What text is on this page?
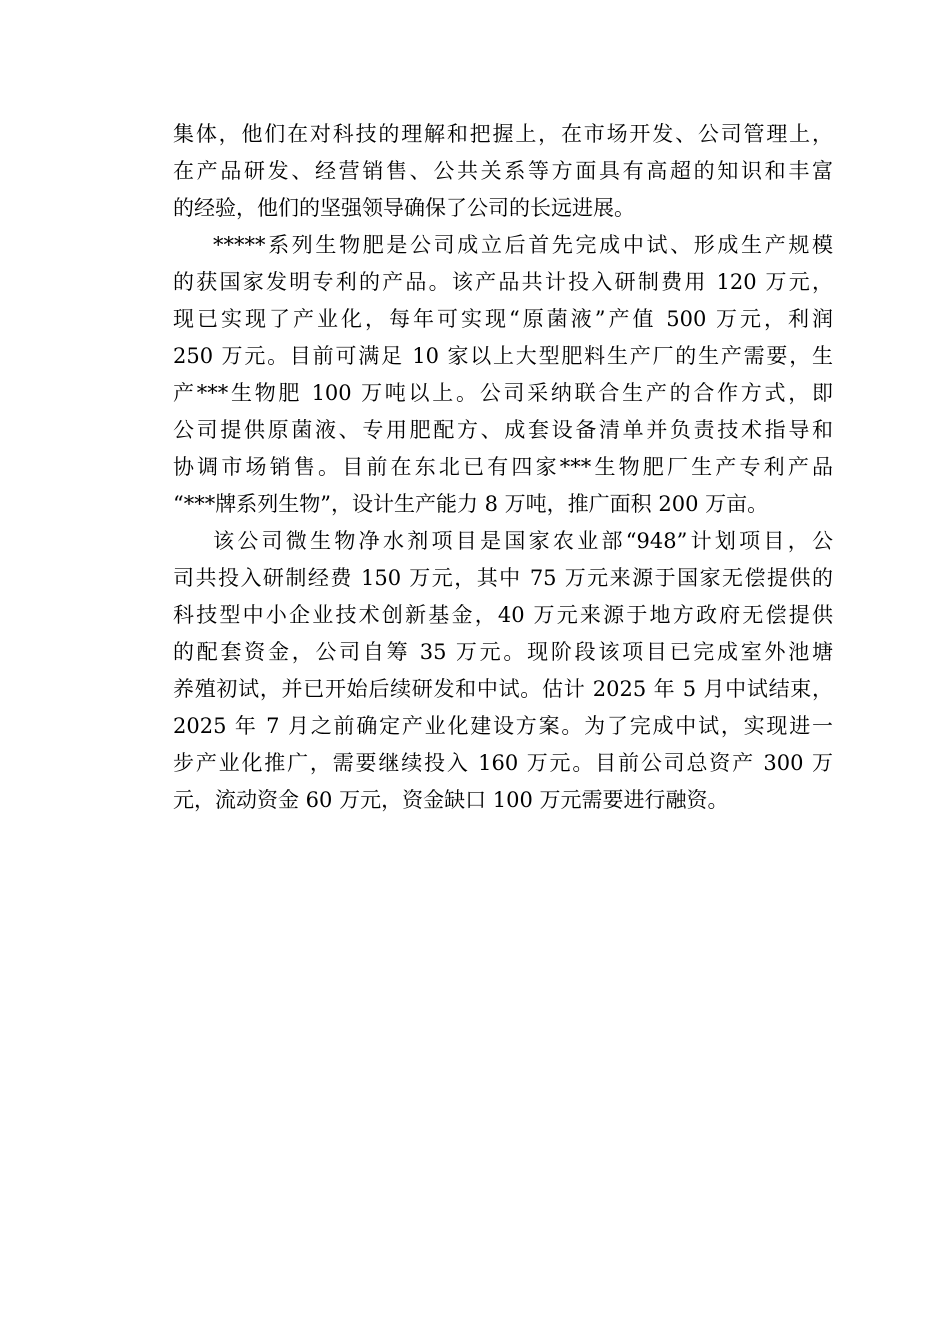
集体，他们在对科技的理解和把握上，在市场开发、公司管理上，
在产品研发、经营销售、公共关系等方面具有高超的知识和丰富
的经验，他们的坚强领导确保了公司的长远进展。
*****系列生物肥是公司成立后首先完成中试、形成生产规模
的获国家发明专利的产品。该产品共计投入研制费用 120 万元，
现已实现了产业化，每年可实现“原菌液”产值 500 万元，利润
250 万元。目前可满足 10 家以上大型肥料生产厂的生产需要，生
产***生物肥 100 万吨以上。公司采纳联合生产的合作方式，即
公司提供原菌液、专用肥配方、成套设备清单并负责技术指导和
协调市场销售。目前在东北已有四家***生物肥厂生产专利产品
“***牌系列生物”，设计生产能力 8 万吨，推广面积 200 万亩。
该公司微生物净水剂项目是国家农业部“948”计划项目，公
司共投入研制经费 150 万元，其中 75 万元来源于国家无偿提供的
科技型中小企业技术创新基金，40 万元来源于地方政府无偿提供
的配套资金，公司自筹 35 万元。现阶段该项目已完成室外池塘
养殖初试，并已开始后续研发和中试。估计 2025 年 5 月中试结束，
2025 年 7 月之前确定产业化建设方案。为了完成中试，实现进一
步产业化推广，需要继续投入 160 万元。目前公司总资产 300 万
元，流动资金 60 万元，资金缺口 100 万元需要进行融资。
